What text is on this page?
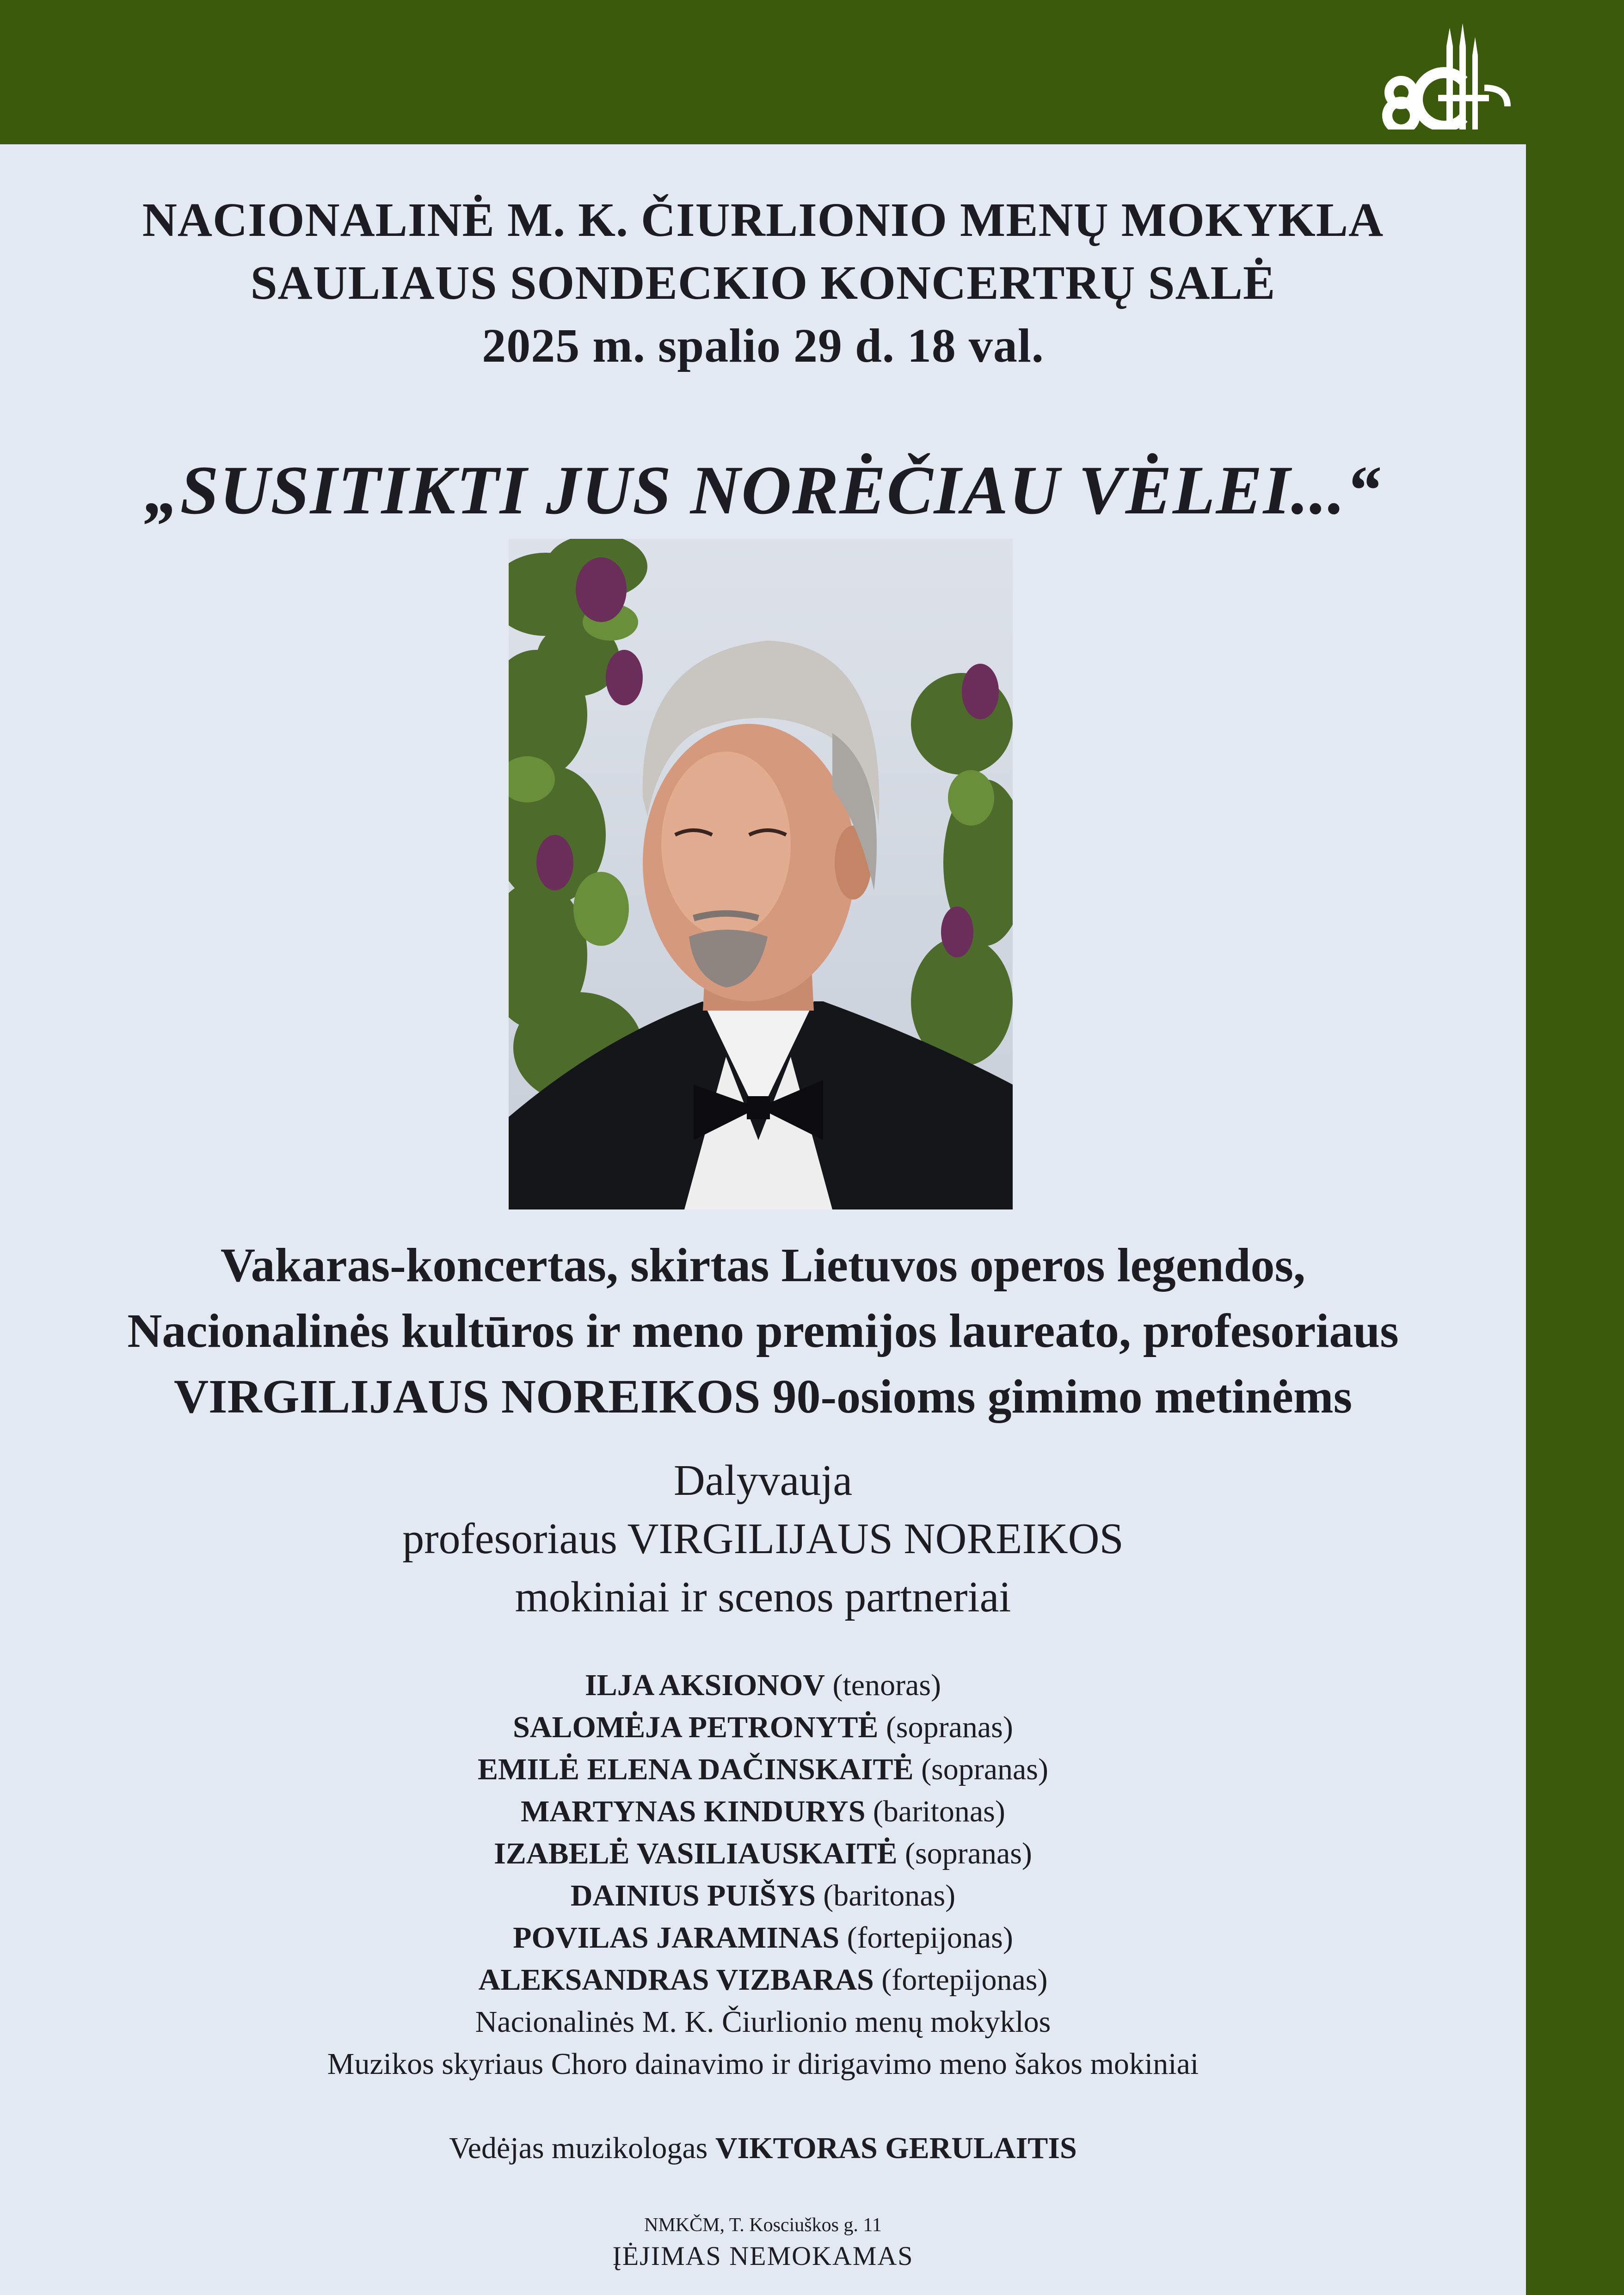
NACIONALINĖ M. K. ČIURLIONIO MENŲ MOKYKLA
SAULIAUS SONDECKIO KONCERTRŲ SALĖ
2025 m. spalio 29 d. 18 val.
„SUSITIKTI JUS NORĖČIAU VĖLEI...“
Vakaras-koncertas, skirtas Lietuvos operos legendos,
Nacionalinės kultūros ir meno premijos laureato, profesoriaus
VIRGILIJAUS NOREIKOS 90-osioms gimimo metinėms
Dalyvauja
profesoriaus VIRGILIJAUS NOREIKOS
mokiniai ir scenos partneriai
ILJA AKSIONOV (tenoras)
SALOMĖJA PETRONYTĖ (sopranas)
EMILĖ ELENA DAČINSKAITĖ (sopranas)
MARTYNAS KINDURYS (baritonas)
IZABELĖ VASILIAUSKAITĖ (sopranas)
DAINIUS PUIŠYS (baritonas)
POVILAS JARAMINAS (fortepijonas)
ALEKSANDRAS VIZBARAS (fortepijonas)
Nacionalinės M. K. Čiurlionio menų mokyklos
Muzikos skyriaus Choro dainavimo ir dirigavimo meno šakos mokiniai
Vedėjas muzikologas VIKTORAS GERULAITIS
NMKČM, T. Kosciuškos g. 11
ĮĖJIMAS NEMOKAMAS
